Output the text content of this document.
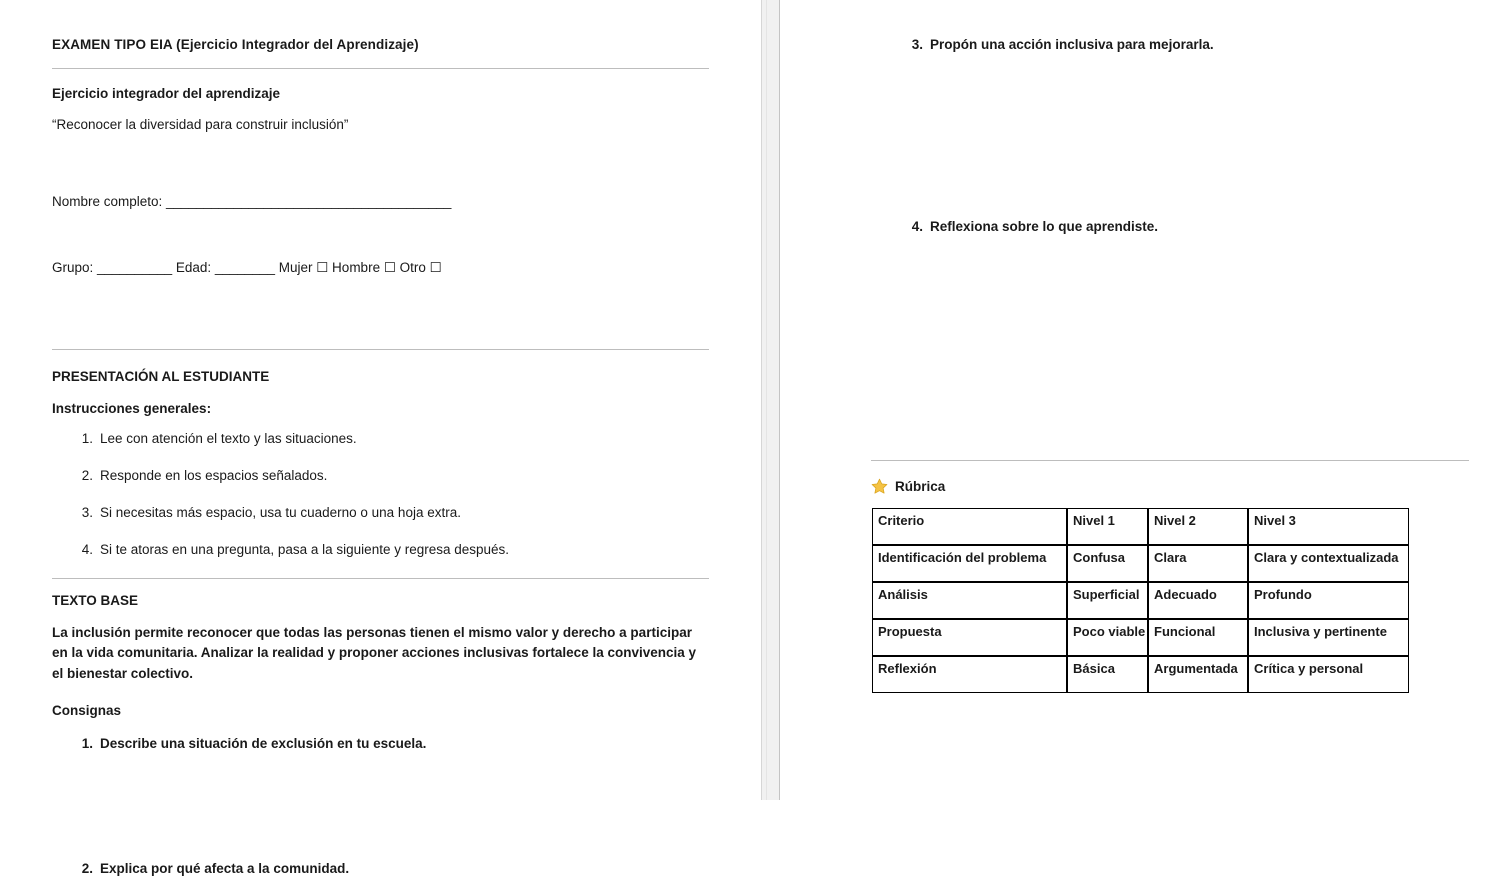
EXAMEN TIPO EIA (Ejercicio Integrador del Aprendizaje)
Ejercicio integrador del aprendizaje

“Reconocer la diversidad para construir inclusión”

Nombre completo: ______________________________________

Grupo: __________ Edad: ________ Mujer ☐ Hombre ☐ Otro ☐

PRESENTACIÓN AL ESTUDIANTE
Instrucciones generales:
Lee con atención el texto y las situaciones.
Responde en los espacios señalados.
Si necesitas más espacio, usa tu cuaderno o una hoja extra.
Si te atoras en una pregunta, pasa a la siguiente y regresa después.
TEXTO BASE

La inclusión permite reconocer que todas las personas tienen el mismo valor y derecho a participar en la vida comunitaria. Analizar la realidad y proponer acciones inclusivas fortalece la convivencia y el bienestar colectivo.

Consignas
1. Describe una situación de exclusión en tu escuela.
2. Explica por qué afecta a la comunidad.
3. Propón una acción inclusiva para mejorarla.
4. Reflexiona sobre lo que aprendiste.
Rúbrica
Criterio	Nivel 1	Nivel 2	Nivel 3
Identificación del problema	Confusa	Clara	Clara y contextualizada
Análisis	Superficial	Adecuado	Profundo
Propuesta	Poco viable	Funcional	Inclusiva y pertinente
Reflexión	Básica	Argumentada	Crítica y personal
